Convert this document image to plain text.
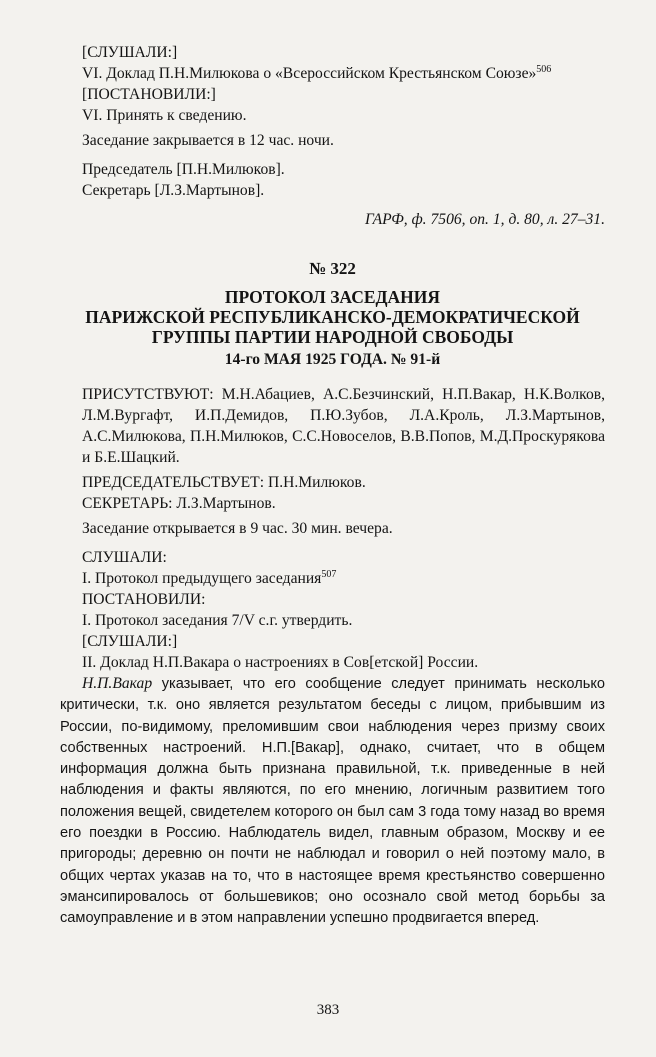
[СЛУШАЛИ:]

VI. Доклад П.Н.Милюкова о «Всероссийском Крестьянском Союзе»$^{506}$

[ПОСТАНОВИЛИ:]

VI. Принять к сведению.

Заседание закрывается в 12 час. ночи.

Председатель [П.Н.Милюков].

Секретарь [Л.З.Мартынов].

ГАРФ, ф. 7506, оп. 1, д. 80, л. 27–31.

№ 322

ПРОТОКОЛ ЗАСЕДАНИЯ

ПАРИЖСКОЙ РЕСПУБЛИКАНСКО-ДЕМОКРАТИЧЕСКОЙ

ГРУППЫ ПАРТИИ НАРОДНОЙ СВОБОДЫ

14-го МАЯ 1925 ГОДА. № 91-й

ПРИСУТСТВУЮТ: М.Н.Абациев, А.С.Безчинский, Н.П.Вакар, Н.К.Волков, Л.М.Вургафт, И.П.Демидов, П.Ю.Зубов, Л.А.Кроль, Л.З.Мартынов, А.С.Милюкова, П.Н.Милюков, С.С.Новоселов, В.В.Попов, М.Д.Проскурякова и Б.Е.Шацкий.

ПРЕДСЕДАТЕЛЬСТВУЕТ: П.Н.Милюков.

СЕКРЕТАРЬ: Л.З.Мартынов.

Заседание открывается в 9 час. 30 мин. вечера.

СЛУШАЛИ:

I. Протокол предыдущего заседания$^{507}$

ПОСТАНОВИЛИ:

I. Протокол заседания 7/V с.г. утвердить.

[СЛУШАЛИ:]

II. Доклад Н.П.Вакара о настроениях в Сов[етской] России.

Н.П.Вакар указывает, что его сообщение следует принимать несколько критически, т.к. оно является результатом беседы с лицом, прибывшим из России, по-видимому, преломившим свои наблюдения через призму своих собственных настроений. Н.П.[Вакар], однако, считает, что в общем информация должна быть признана правильной, т.к. приведенные в ней наблюдения и факты являются, по его мнению, логичным развитием того положения вещей, свидетелем которого он был сам 3 года тому назад во время его поездки в Россию. Наблюдатель видел, главным образом, Москву и ее пригороды; деревню он почти не наблюдал и говорил о ней поэтому мало, в общих чертах указав на то, что в настоящее время крестьянство совершенно эмансипировалось от большевиков; оно осознало свой метод борьбы за самоуправление и в этом направлении успешно продвигается вперед.

383
